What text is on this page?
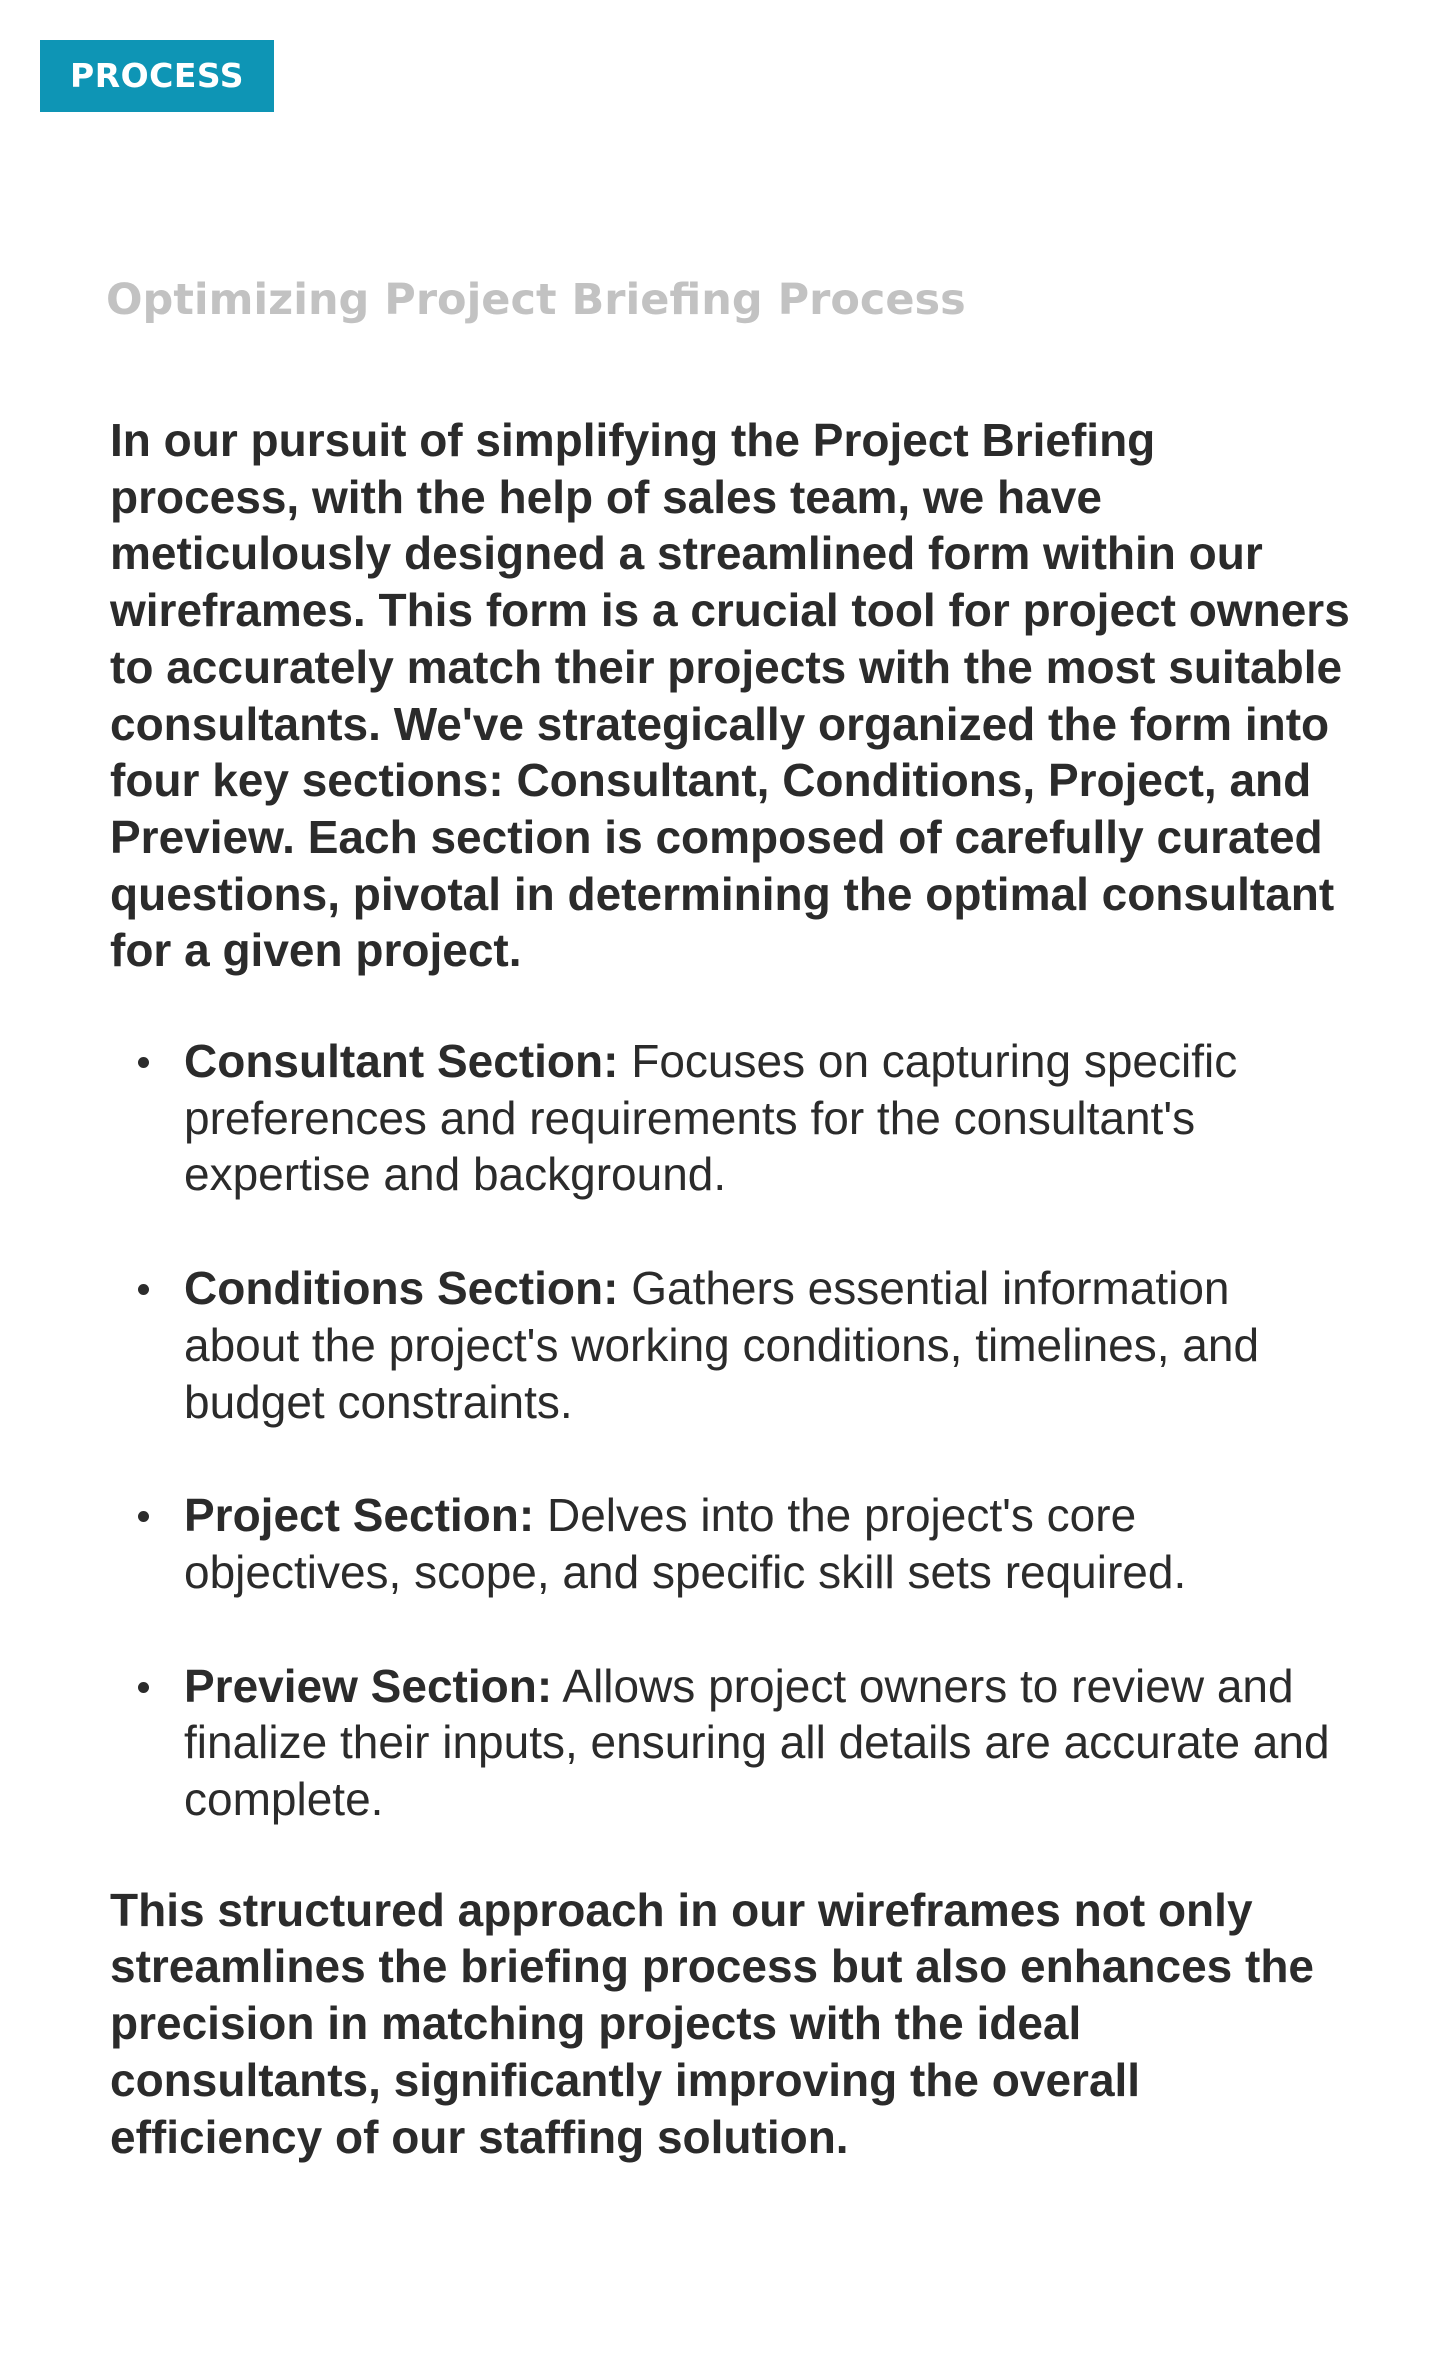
PROCESS
Optimizing Project Briefing Process

In our pursuit of simplifying the Project Briefing process, with the help of sales team, we have meticulously designed a streamlined form within our wireframes. This form is a crucial tool for project owners to accurately match their projects with the most suitable consultants. We've strategically organized the form into four key sections: Consultant, Conditions, Project, and Preview. Each section is composed of carefully curated questions, pivotal in determining the optimal consultant for a given project.

Consultant Section: Focuses on capturing specific preferences and requirements for the consultant's expertise and background.
Conditions Section: Gathers essential information about the project's working conditions, timelines, and budget constraints.
Project Section: Delves into the project's core objectives, scope, and specific skill sets required.
Preview Section: Allows project owners to review and finalize their inputs, ensuring all details are accurate and complete.

This structured approach in our wireframes not only streamlines the briefing process but also enhances the precision in matching projects with the ideal consultants, significantly improving the overall efficiency of our staffing solution.
